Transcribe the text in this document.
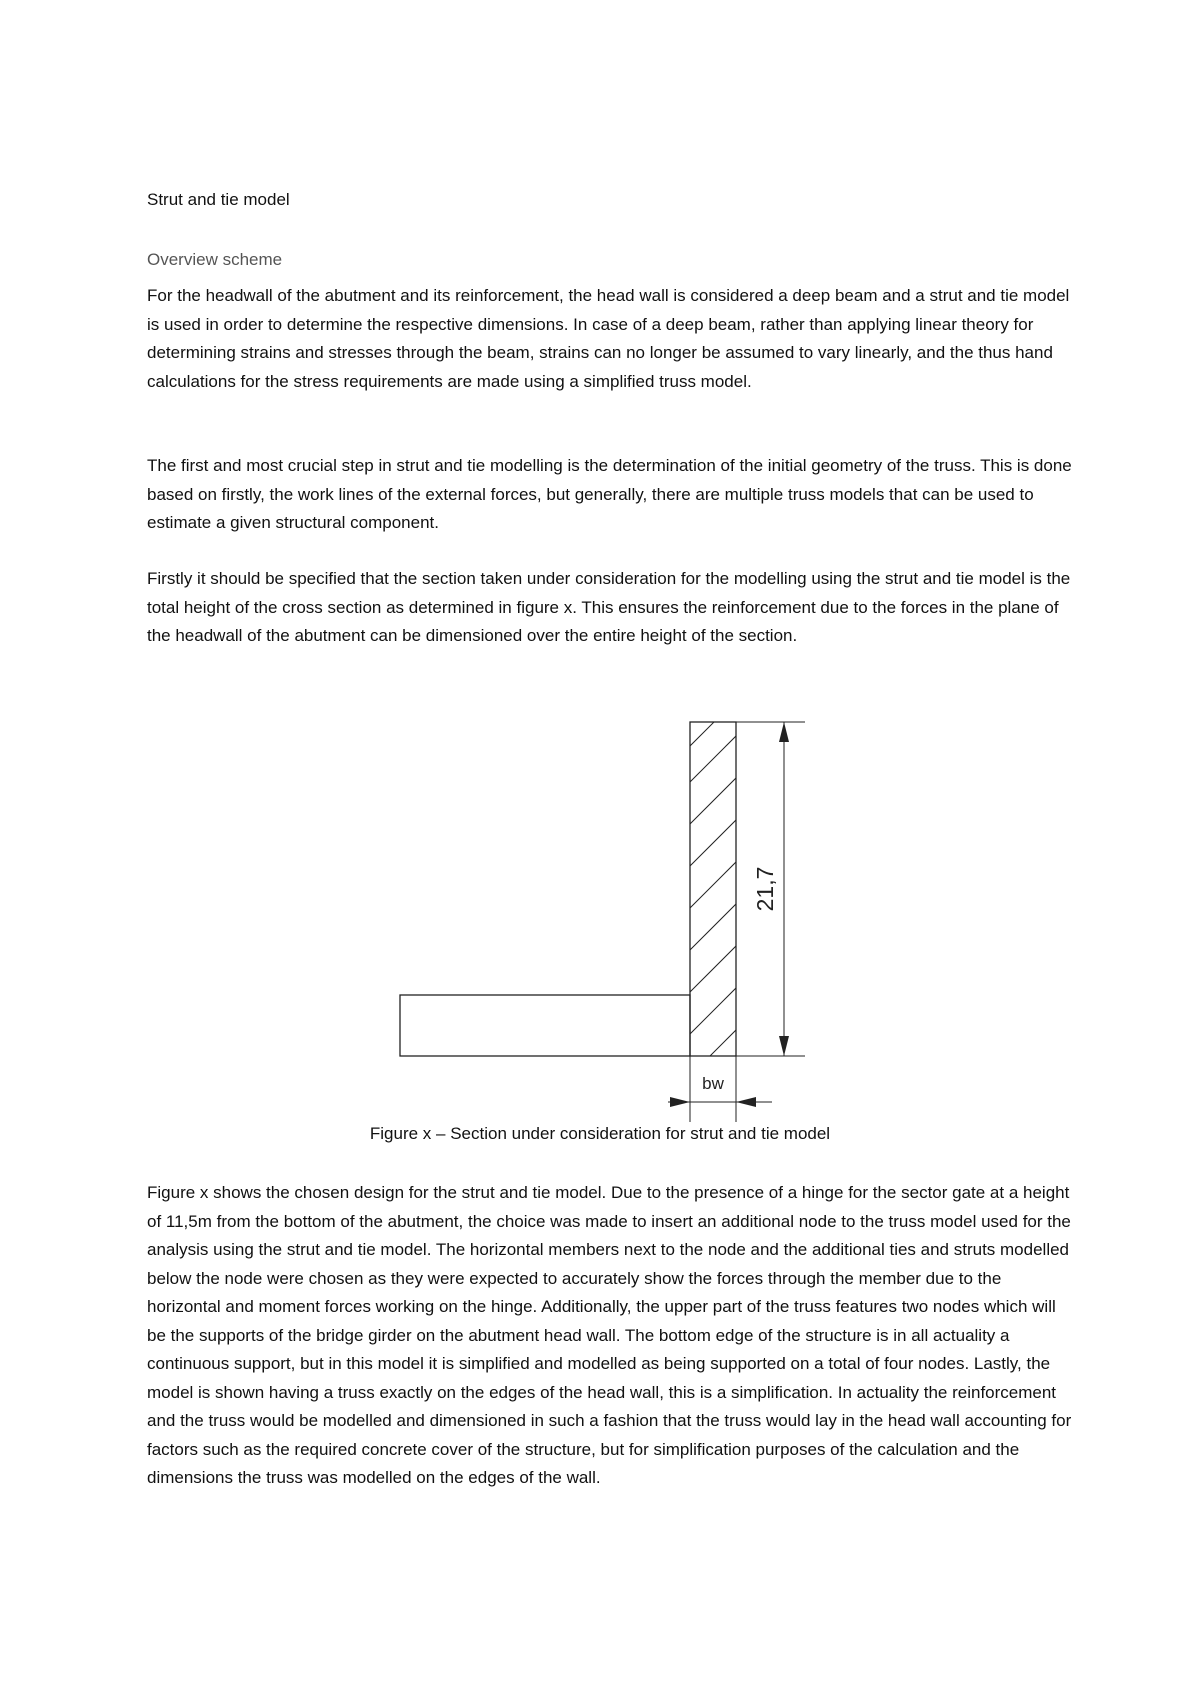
Strut and tie model
Overview scheme

For the headwall of the abutment and its reinforcement, the head wall is considered a deep beam and a strut and tie model is used in order to determine the respective dimensions. In case of a deep beam, rather than applying linear theory for determining strains and stresses through the beam, strains can no longer be assumed to vary linearly, and the thus hand calculations for the stress requirements are made using a simplified truss model.

The first and most crucial step in strut and tie modelling is the determination of the initial geometry of the truss. This is done based on firstly, the work lines of the external forces, but generally, there are multiple truss models that can be used to estimate a given structural component.

Firstly it should be specified that the section taken under consideration for the modelling using the strut and tie model is the total height of the cross section as determined in figure x. This ensures the reinforcement due to the forces in the plane of the headwall of the abutment can be dimensioned over the entire height of the section.

21,7
bw
Figure x – Section under consideration for strut and tie model

Figure x shows the chosen design for the strut and tie model. Due to the presence of a hinge for the sector gate at a height of 11,5m from the bottom of the abutment, the choice was made to insert an additional node to the truss model used for the analysis using the strut and tie model. The horizontal members next to the node and the additional ties and struts modelled below the node were chosen as they were expected to accurately show the forces through the member due to the horizontal and moment forces working on the hinge. Additionally, the upper part of the truss features two nodes which will be the supports of the bridge girder on the abutment head wall. The bottom edge of the structure is in all actuality a continuous support, but in this model it is simplified and modelled as being supported on a total of four nodes. Lastly, the model is shown having a truss exactly on the edges of the head wall, this is a simplification. In actuality the reinforcement and the truss would be modelled and dimensioned in such a fashion that the truss would lay in the head wall accounting for factors such as the required concrete cover of the structure, but for simplification purposes of the calculation and the dimensions the truss was modelled on the edges of the wall.
